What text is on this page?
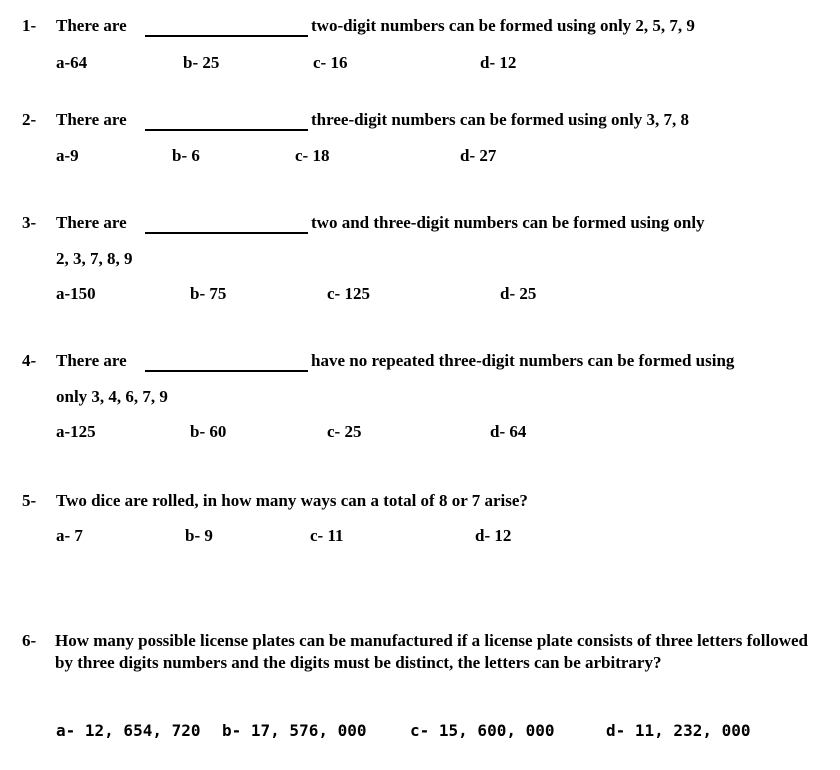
1- There are	two-digit numbers can be formed using only 2, 5, 7, 9
a-64	b- 25	c- 16	d- 12
2- There are	three-digit numbers can be formed using only 3, 7, 8
a-9	b- 6	c- 18	d- 27
3- There are	two and three-digit numbers can be formed using only
2, 3, 7, 8, 9
a-150	b- 75	c- 125	d- 25
4- There are	have no repeated three-digit numbers can be formed using
only 3, 4, 6, 7, 9
a-125	b- 60	c- 25	d- 64
5- Two dice are rolled, in how many ways can a total of 8 or 7 arise?
a- 7	b- 9	c- 11	d- 12
6- How many possible license plates can be manufactured if a license plate consists of three letters followed by three digits numbers and the digits must be distinct, the letters can be arbitrary?
a- 12, 654, 720 b- 17, 576, 000	c- 15, 600, 000	d- 11, 232, 000
